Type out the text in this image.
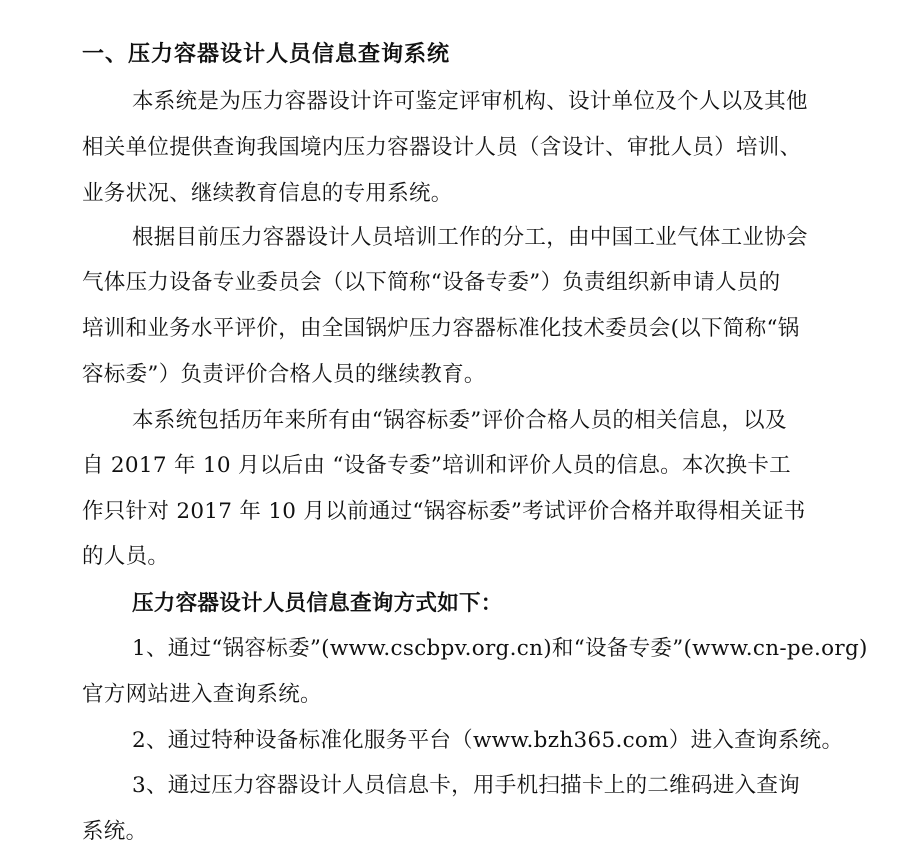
一、压力容器设计人员信息查询系统
本系统是为压力容器设计许可鉴定评审机构、设计单位及个人以及其他
相关单位提供查询我国境内压力容器设计人员（含设计、审批人员）培训、
业务状况、继续教育信息的专用系统。
根据目前压力容器设计人员培训工作的分工，由中国工业气体工业协会
气体压力设备专业委员会（以下简称“设备专委”）负责组织新申请人员的
培训和业务水平评价，由全国锅炉压力容器标准化技术委员会(以下简称“锅
容标委”）负责评价合格人员的继续教育。
本系统包括历年来所有由“锅容标委”评价合格人员的相关信息，以及
自 2017 年 10 月以后由 “设备专委”培训和评价人员的信息。本次换卡工
作只针对 2017 年 10 月以前通过“锅容标委”考试评价合格并取得相关证书
的人员。
压力容器设计人员信息查询方式如下：
1、通过“锅容标委”(www.cscbpv.org.cn)和“设备专委”(www.cn-pe.org)
官方网站进入查询系统。
2、通过特种设备标准化服务平台（www.bzh365.com）进入查询系统。
3、通过压力容器设计人员信息卡，用手机扫描卡上的二维码进入查询
系统。
